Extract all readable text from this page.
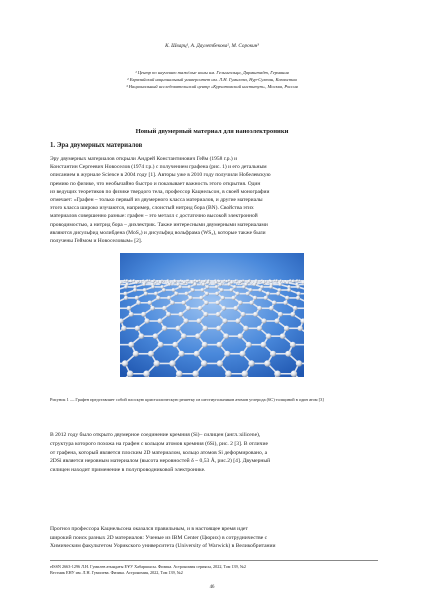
К. Шварц¹, А. Даулетбекова², М. Сорокин³
¹ Центр по научению тяжёлые ионы им. Гельмгольца, Дармштадт, Германия
² Евразийский национальный университет им. Л.Н. Гумилева, Нур-Султан, Казахстан
³ Национальный исследовательский центр «Курчатовский институт», Москва, Россия
Новый двумерный материал для наноэлектроники
1. Эра двумерных материалов
Эру двумерных материалов открыли Андрей Константинович Гейм (1958 г.р.) и
Константин Сергеевич Новоселов (1974 г.р.) с получением графена (рис. 1) и его детальным
описанием в журнале Science в 2004 году [1]. Авторы уже в 2010 году получили Нобелевскую
премию по физике, что необычайно быстро и показывает важность этого открытия. Один
из ведущих теоретиков по физике твердого тела, профессор Кацнельсон, в своей монографии
отмечает: «Графен – только первый из двумерного класса материалов, и другие материалы
этого класса широко изучаются, например, слоистый нитрид бора (BN). Свойства этих
материалов совершенно разные: графен – это металл с достаточно высокой электронной
проводимостью, а нитрид бора – диэлектрик. Также интересными двумерными материалами
являются дисульфид молибдена (MoS₂) и дисульфид вольфрама (WS₂), которые также были
получены Геймом и Новоселовым» [2].
Рисунок 1 — Графен представляет собой плоскую кристаллическую решетку из шестиугольников атомов углерода (6С) толщиной в один атом [3]
В 2012 году было открыто двумерное соединение кремния (Si)– силицен (англ.:silicene),
структура которого похожа на графен с кольцом атомов кремния (6Si), рис. 2 [3]. В отличие
от графена, который является плоским 2D материалом, кольцо атомов Si деформировано, а
2DSi является неровным материалом (высота неровностей δ ~ 0,53 Å, рис.2) [4]. Двумерный
силицен находит применение в полупроводниковой электронике.
Прогноз профессора Кацнельсона оказался правильным, и в настоящее время идет
широкий поиск разных 2D материалов: Ученые из IBM Center (Цюрих) в сотрудничестве с
Химическим факультетом Уорикского университета (University of Warwick) в Великобритании
eISSN 2663-1296 Л.Н. Гумилев атындағы ЕҰУ Хабаршысы. Физика. Астрономия сериясы, 2022, Том 139, №2
Вестник ЕНУ им. Л.Н. Гумилева. Физика. Астрономия, 2022, Том 139, №2
46
